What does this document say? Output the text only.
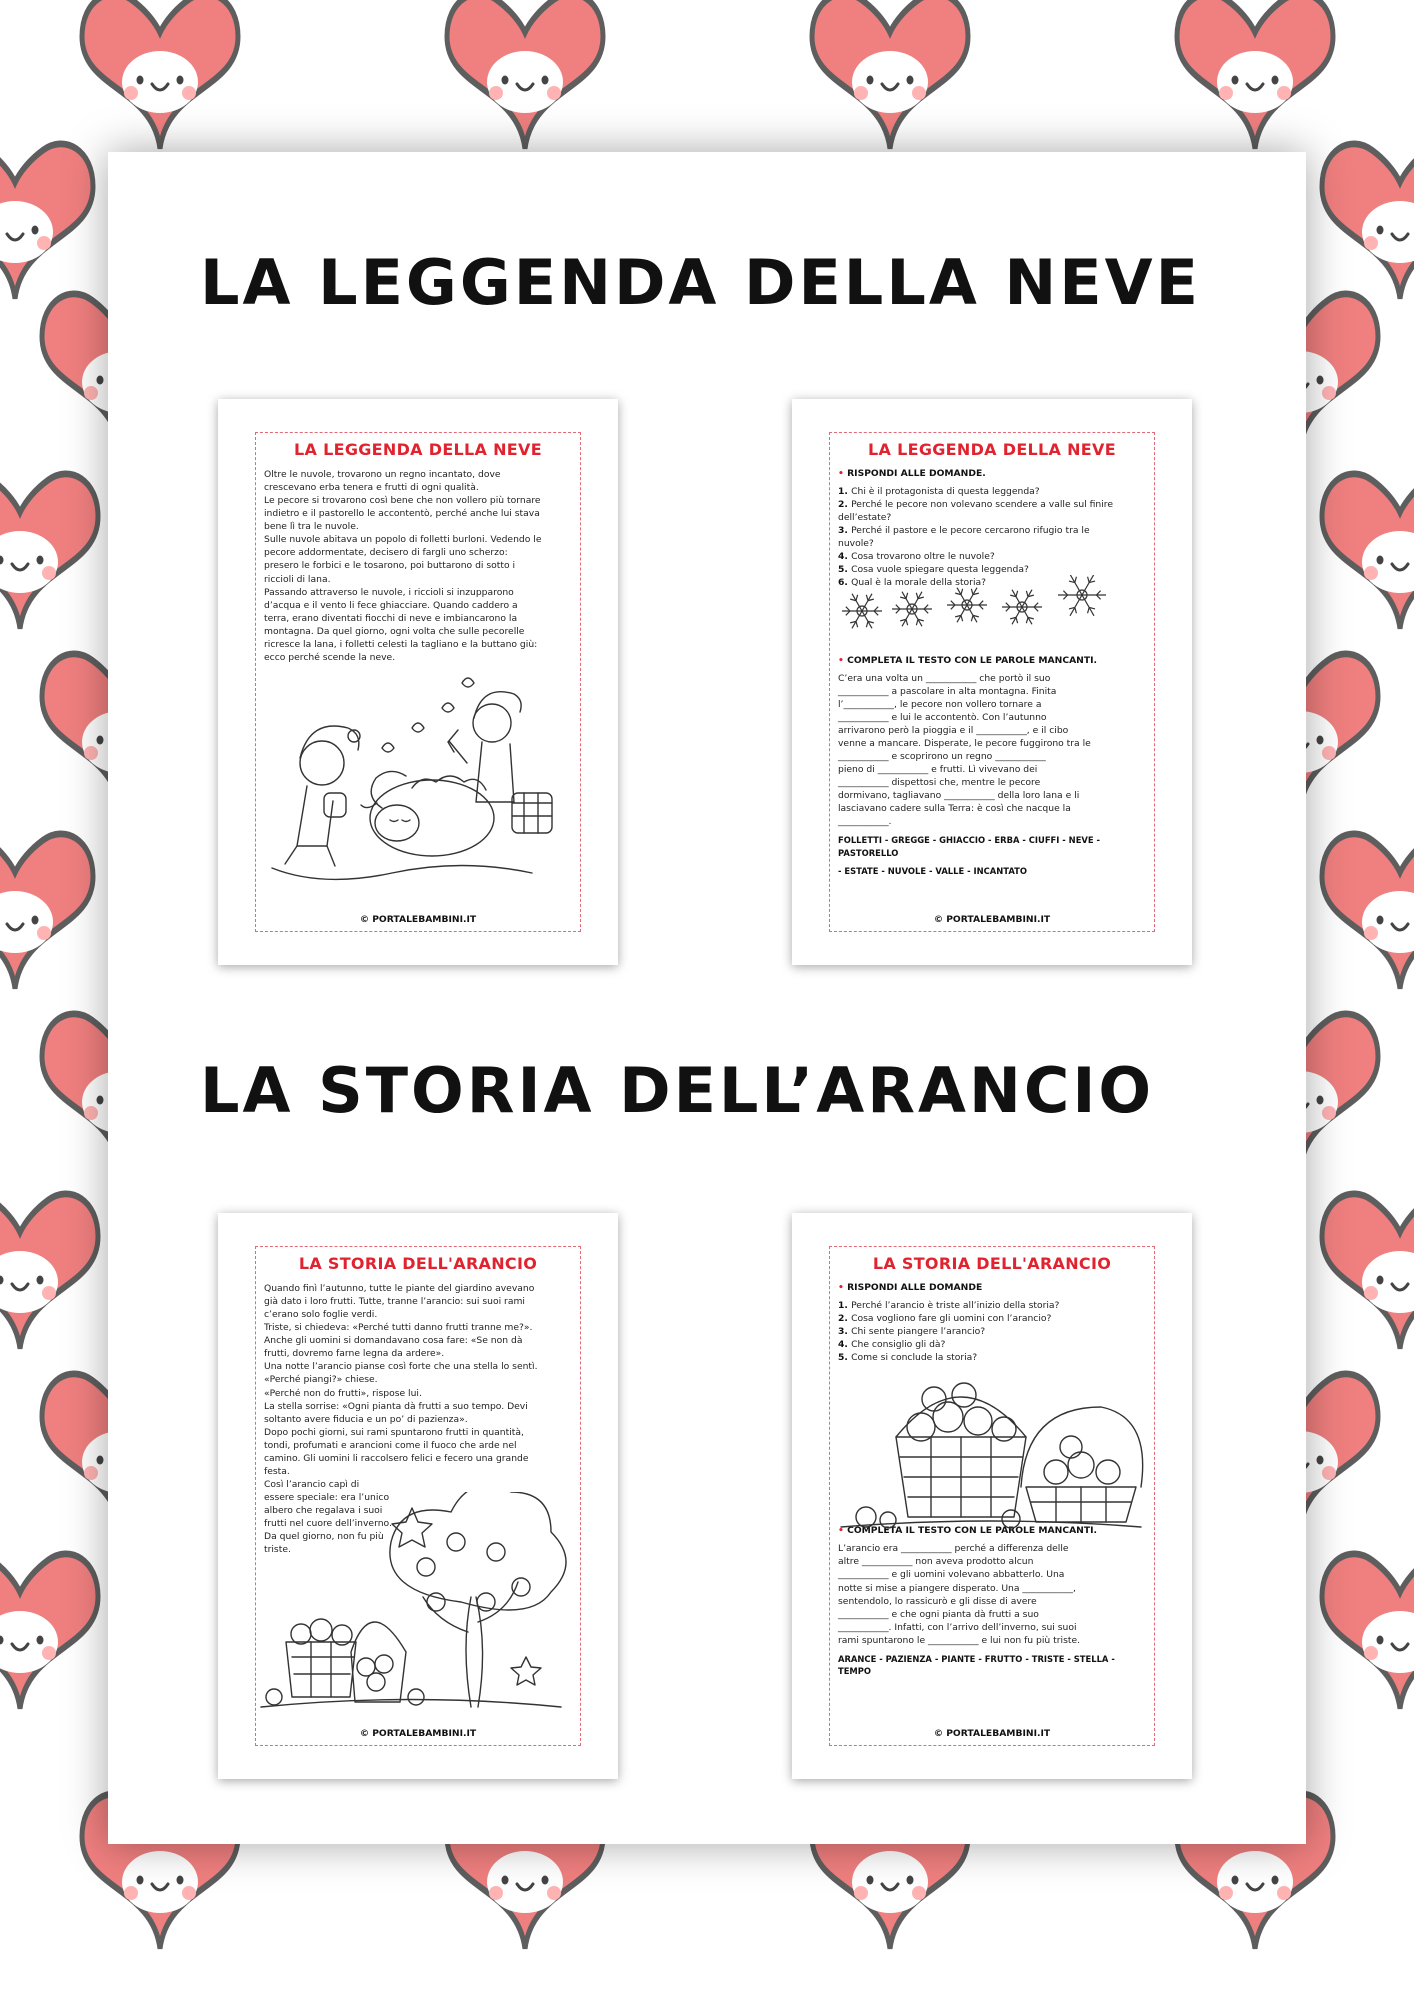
LA LEGGENDA DELLA NEVE
LA LEGGENDA DELLA NEVE

Oltre le nuvole, trovarono un regno incantato, dove

crescevano erba tenera e frutti di ogni qualità.

Le pecore si trovarono così bene che non vollero più tornare

indietro e il pastorello le accontentò, perché anche lui stava

bene lì tra le nuvole.

Sulle nuvole abitava un popolo di folletti burloni. Vedendo le

pecore addormentate, decisero di fargli uno scherzo:

presero le forbici e le tosarono, poi buttarono di sotto i

riccioli di lana.

Passando attraverso le nuvole, i riccioli si inzupparono

d’acqua e il vento li fece ghiacciare. Quando caddero a

terra, erano diventati fiocchi di neve e imbiancarono la

montagna. Da quel giorno, ogni volta che sulle pecorelle

ricresce la lana, i folletti celesti la tagliano e la buttano giù:

ecco perché scende la neve.

© PORTALEBAMBINI.IT
LA LEGGENDA DELLA NEVE
• RISPONDI ALLE DOMANDE.

1. Chi è il protagonista di questa leggenda?

2. Perché le pecore non volevano scendere a valle sul finire

dell’estate?

3. Perché il pastore e le pecore cercarono rifugio tra le

nuvole?

4. Cosa trovarono oltre le nuvole?

5. Cosa vuole spiegare questa leggenda?

6. Qual è la morale della storia?

• COMPLETA IL TESTO CON LE PAROLE MANCANTI.

C’era una volta un ___________ che portò il suo

___________ a pascolare in alta montagna. Finita

l’___________, le pecore non vollero tornare a

___________ e lui le accontentò. Con l’autunno

arrivarono però la pioggia e il ___________, e il cibo

venne a mancare. Disperate, le pecore fuggirono tra le

___________ e scoprirono un regno ___________

pieno di ___________ e frutti. Lì vivevano dei

___________ dispettosi che, mentre le pecore

dormivano, tagliavano ___________ della loro lana e li

lasciavano cadere sulla Terra: è così che nacque la

___________.

FOLLETTI - GREGGE - GHIACCIO - ERBA - CIUFFI - NEVE - PASTORELLO

- ESTATE - NUVOLE - VALLE - INCANTATO

© PORTALEBAMBINI.IT
LA STORIA DELL’ARANCIO
LA STORIA DELL'ARANCIO

Quando finì l’autunno, tutte le piante del giardino avevano

già dato i loro frutti. Tutte, tranne l’arancio: sui suoi rami

c’erano solo foglie verdi.

Triste, si chiedeva: «Perché tutti danno frutti tranne me?».

Anche gli uomini si domandavano cosa fare: «Se non dà

frutti, dovremo farne legna da ardere».

Una notte l’arancio pianse così forte che una stella lo sentì.

«Perché piangi?» chiese.

«Perché non do frutti», rispose lui.

La stella sorrise: «Ogni pianta dà frutti a suo tempo. Devi

soltanto avere fiducia e un po’ di pazienza».

Dopo pochi giorni, sui rami spuntarono frutti in quantità,

tondi, profumati e arancioni come il fuoco che arde nel

camino. Gli uomini li raccolsero felici e fecero una grande

festa.

Così l’arancio capì di

essere speciale: era l’unico

albero che regalava i suoi

frutti nel cuore dell’inverno.

Da quel giorno, non fu più

triste.

© PORTALEBAMBINI.IT
LA STORIA DELL'ARANCIO
• RISPONDI ALLE DOMANDE

1. Perché l’arancio è triste all’inizio della storia?

2. Cosa vogliono fare gli uomini con l’arancio?

3. Chi sente piangere l’arancio?

4. Che consiglio gli dà?

5. Come si conclude la storia?

• COMPLETA IL TESTO CON LE PAROLE MANCANTI.

L’arancio era ___________ perché a differenza delle

altre ___________ non aveva prodotto alcun

___________ e gli uomini volevano abbatterlo. Una

notte si mise a piangere disperato. Una ___________,

sentendolo, lo rassicurò e gli disse di avere

___________ e che ogni pianta dà frutti a suo

___________. Infatti, con l’arrivo dell’inverno, sui suoi

rami spuntarono le ___________ e lui non fu più triste.

ARANCE - PAZIENZA - PIANTE - FRUTTO - TRISTE - STELLA - TEMPO

© PORTALEBAMBINI.IT
